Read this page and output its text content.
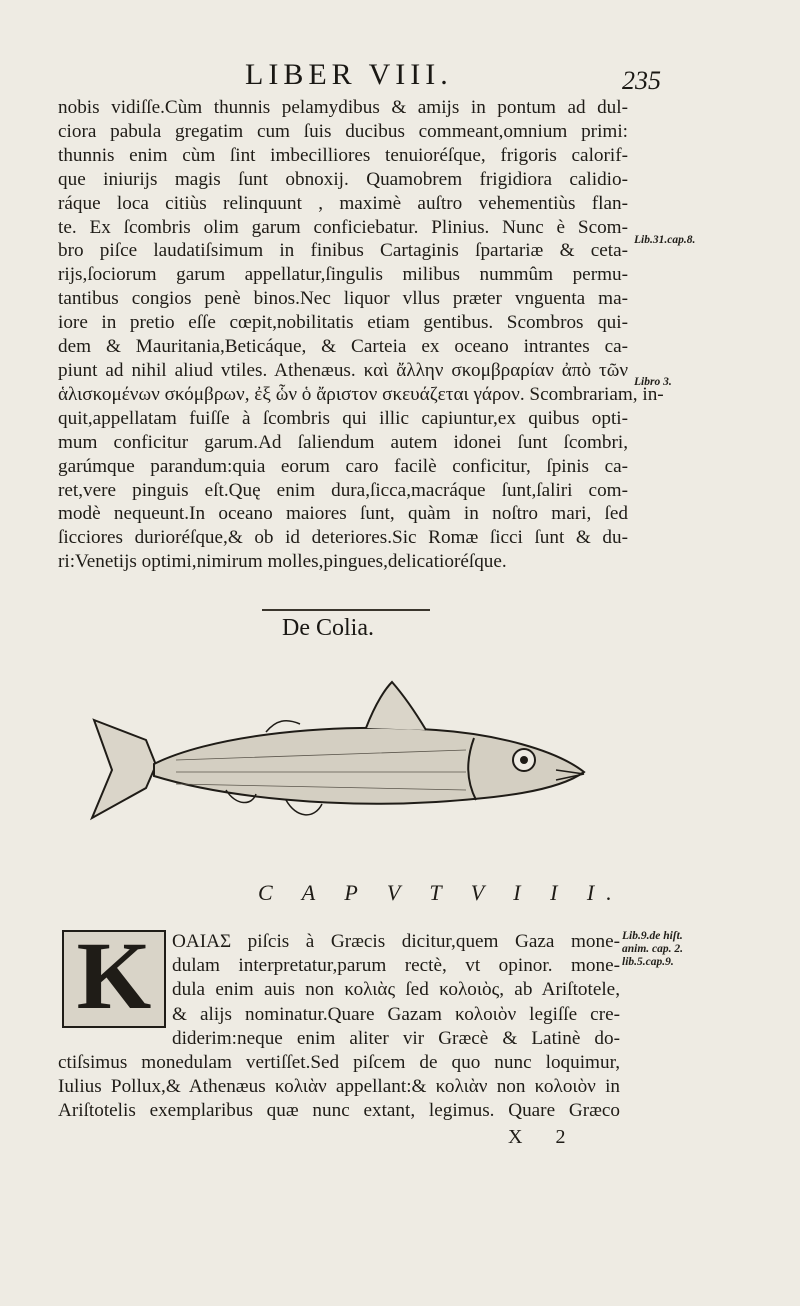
LIBER VIII.	235
nobis vidiſſe.Cùm thunnis pelamydibus & amijs in pontum ad dul-
ciora pabula gregatim cum ſuis ducibus commeant,omnium primi:
thunnis enim cùm ſint imbecilliores tenuioréſque, frigoris calorif-
que iniurijs magis ſunt obnoxij. Quamobrem frigidiora calidio-
ráque loca citiùs relinquunt , maximè auſtro vehementiùs flan-
te. Ex ſcombris olim garum conficiebatur. Plinius. Nunc è Scom-
bro piſce laudatiſsimum in finibus Cartaginis ſpartariæ & ceta-
rijs,ſociorum garum appellatur,ſingulis milibus nummûm permu-
tantibus congios penè binos.Nec liquor vllus præter vnguenta ma-
iore in pretio eſſe cœpit,nobilitatis etiam gentibus. Scombros qui-
dem & Mauritania,Beticáque, & Carteia ex oceano intrantes ca-
piunt ad nihil aliud vtiles. Athenæus. καὶ ἄλλην σκομβραρίαν ἀπὸ τῶν
ἁλισκομένων σκόμβρων, ἐξ ὧν ὁ ἄριστον σκευάζεται γάρον. Scombrariam, in-
quit,appellatam fuiſſe à ſcombris qui illic capiuntur,ex quibus opti-
mum conficitur garum.Ad ſaliendum autem idonei ſunt ſcombri,
garúmque parandum:quia eorum caro facilè conficitur, ſpinis ca-
ret,vere pinguis eſt.Quę enim dura,ſicca,macráque ſunt,ſaliri com-
modè nequeunt.In oceano maiores ſunt, quàm in noſtro mari, ſed
ſicciores durioréſque,& ob id deteriores.Sic Romæ ſicci ſunt & du-
ri:Venetijs optimi,nimirum molles,pingues,delicatioréſque.
Lib.31.cap.8.
Libro 3.
Lib.9.de hiſt.
anim. cap. 2.
lib.5.cap.9.
De Colia.
C A P V T V I I I.
K	OAIAΣ piſcis à Græcis dicitur,quem Gaza mone-
dulam interpretatur,parum rectè, vt opinor. mone-
dula enim auis non κολιὰς ſed κολοιὸς, ab Ariſtotele,
& alijs nominatur.Quare Gazam κολοιὸν legiſſe cre-
diderim:neque enim aliter vir Græcè & Latinè do-
ctiſsimus monedulam vertiſſet.Sed piſcem de quo nunc loquimur,
Iulius Pollux,& Athenæus κολιὰν appellant:& κολιὰν non κολοιὸν in
Ariſtotelis exemplaribus quæ nunc extant, legimus. Quare Græco
X 2
